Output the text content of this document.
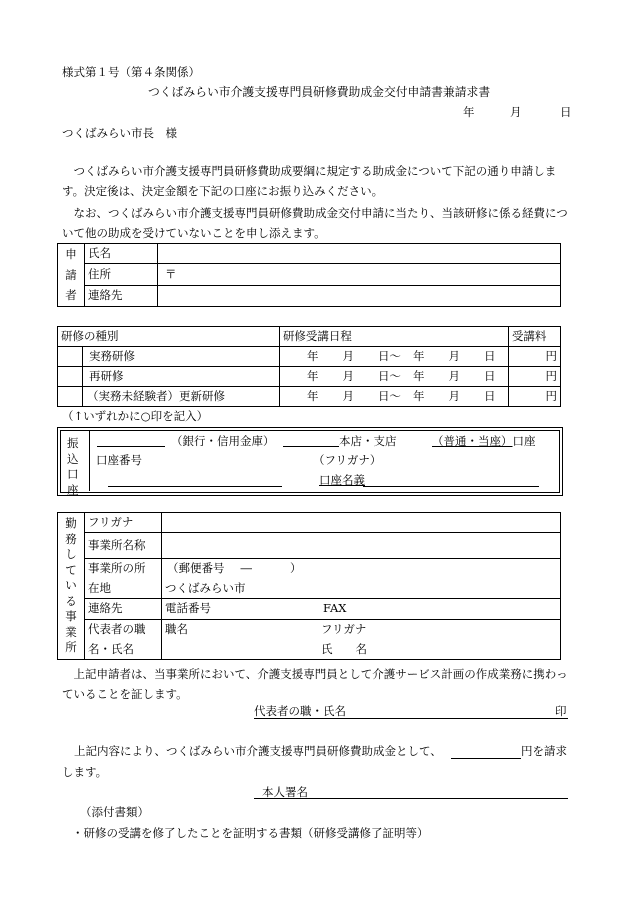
様式第１号（第４条関係）
つくばみらい市介護支援専門員研修費助成金交付申請書兼請求書
年	月	日
つくばみらい市長　様
つくばみらい市介護支援専門員研修費助成要綱に規定する助成金について下記の通り申請します。決定後は、決定金額を下記の口座にお振り込みください。
なお、つくばみらい市介護支援専門員研修費助成金交付申請に当たり、当該研修に係る経費について他の助成を受けていないことを申し添えます。
申請者	氏名	
	住所	〒
	連絡先	
研修の種別		研修受講日程	受講料
	実務研修	年 月 日～ 年 月 日	円
	再研修	年 月 日～ 年 月 日	円
	（実務未経験者）更新研修	年 月 日～ 年 月 日	円
（↑いずれかに○印を記入）
振込口座
（銀行・信用金庫）	本店・支店	（普通・当座）口座
口座番号	（フリガナ）
口座名義
勤務している事業所	フリガナ		
	事業所名称		
	事業所の所	（郵便番号 ― ）	
	在地	つくばみらい市	
	連絡先	電話番号 FAX	
	代表者の職	職名	フリガナ
	名・氏名		氏　　名
上記申請者は、当事業所において、介護支援専門員として介護サービス計画の作成業務に携わっていることを証します。
代表者の職・氏名	印
上記内容により、つくばみらい市介護支援専門員研修費助成金として、	円を請求
します。
本人署名
（添付書類）
・研修の受講を修了したことを証明する書類（研修受講修了証明等）
